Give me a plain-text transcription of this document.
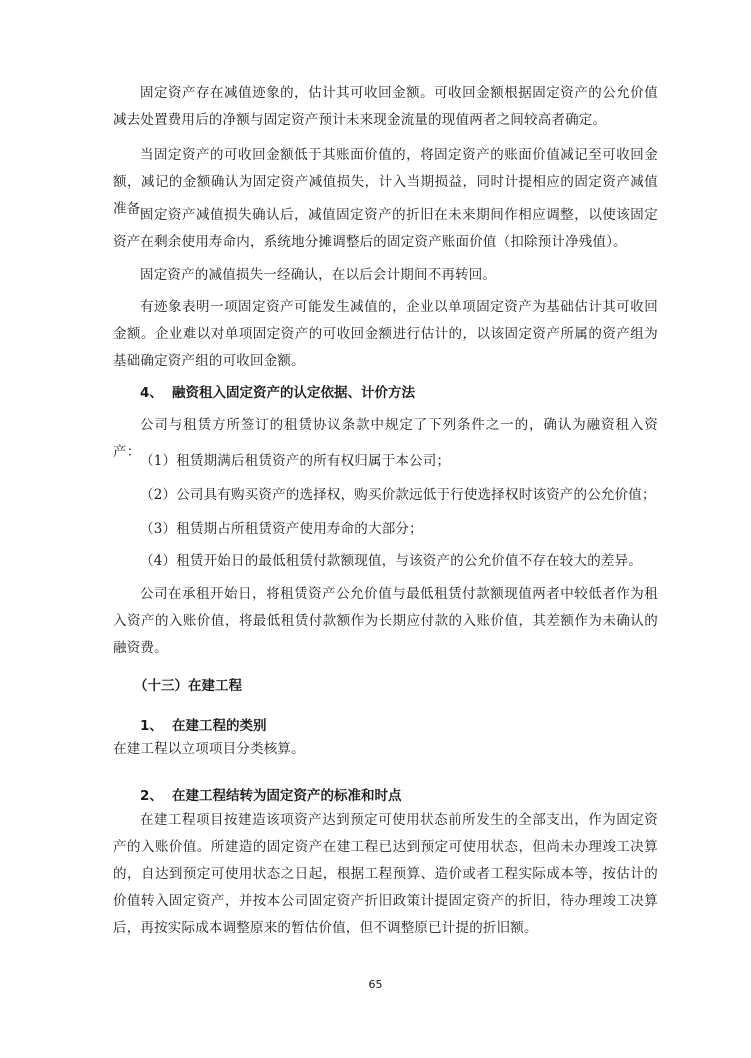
固定资产存在减值迹象的，估计其可收回金额。可收回金额根据固定资产的公允价值减去处置费用后的净额与固定资产预计未来现金流量的现值两者之间较高者确定。

当固定资产的可收回金额低于其账面价值的，将固定资产的账面价值减记至可收回金额，减记的金额确认为固定资产减值损失，计入当期损益，同时计提相应的固定资产减值准备。

固定资产减值损失确认后，减值固定资产的折旧在未来期间作相应调整，以使该固定资产在剩余使用寿命内，系统地分摊调整后的固定资产账面价值（扣除预计净残值）。

固定资产的减值损失一经确认，在以后会计期间不再转回。

有迹象表明一项固定资产可能发生减值的，企业以单项固定资产为基础估计其可收回金额。企业难以对单项固定资产的可收回金额进行估计的，以该固定资产所属的资产组为基础确定资产组的可收回金额。

4、 融资租入固定资产的认定依据、计价方法

公司与租赁方所签订的租赁协议条款中规定了下列条件之一的，确认为融资租入资产：

（1）租赁期满后租赁资产的所有权归属于本公司；

（2）公司具有购买资产的选择权，购买价款远低于行使选择权时该资产的公允价值；

（3）租赁期占所租赁资产使用寿命的大部分；

（4）租赁开始日的最低租赁付款额现值，与该资产的公允价值不存在较大的差异。

公司在承租开始日，将租赁资产公允价值与最低租赁付款额现值两者中较低者作为租入资产的入账价值，将最低租赁付款额作为长期应付款的入账价值，其差额作为未确认的融资费。

（十三）在建工程
1、 在建工程的类别

在建工程以立项项目分类核算。

2、 在建工程结转为固定资产的标准和时点

在建工程项目按建造该项资产达到预定可使用状态前所发生的全部支出，作为固定资产的入账价值。所建造的固定资产在建工程已达到预定可使用状态，但尚未办理竣工决算的，自达到预定可使用状态之日起，根据工程预算、造价或者工程实际成本等，按估计的价值转入固定资产，并按本公司固定资产折旧政策计提固定资产的折旧，待办理竣工决算后，再按实际成本调整原来的暂估价值，但不调整原已计提的折旧额。

65
